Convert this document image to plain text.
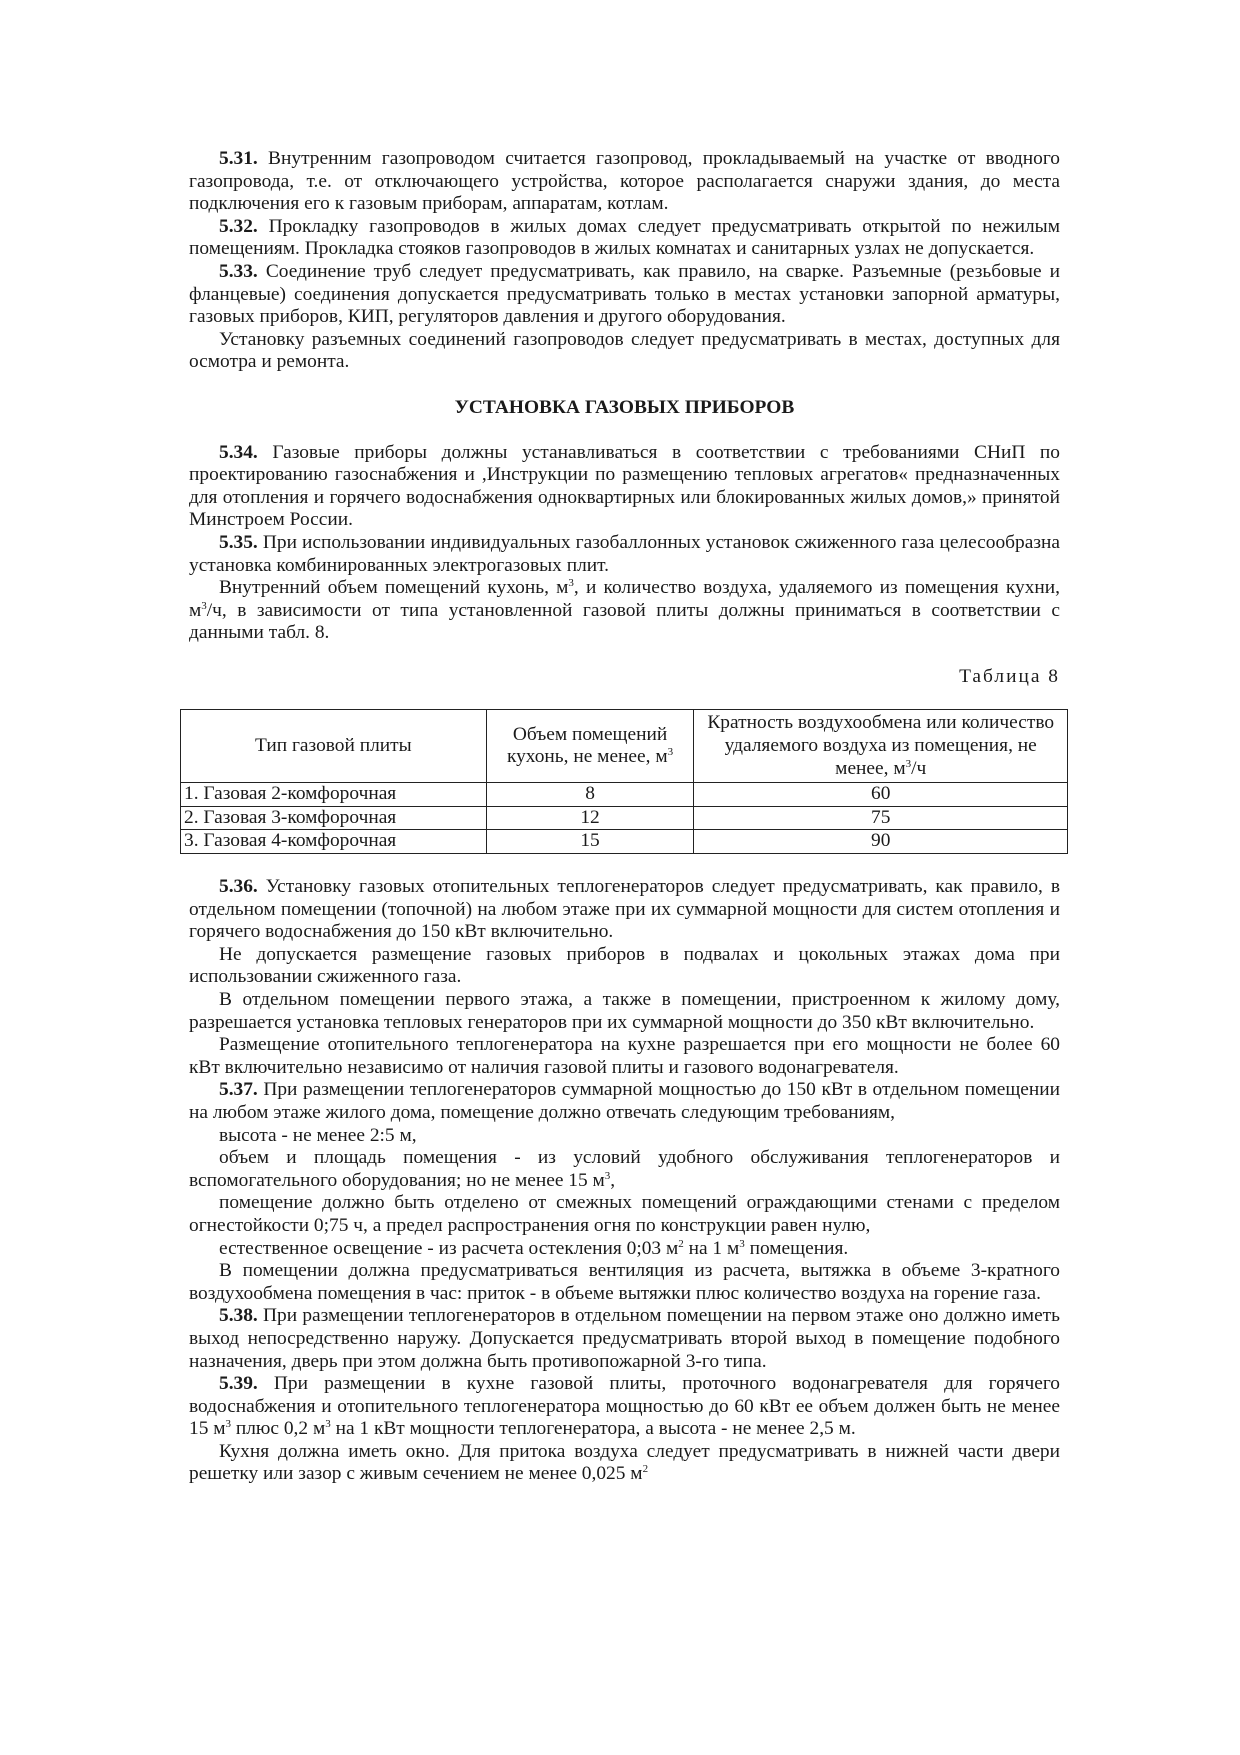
5.31. Внутренним газопроводом считается газопровод, прокладываемый на участке от вводного газопровода, т.е. от отключающего устройства, которое располагается снаружи здания, до места подключения его к газовым приборам, аппаратам, котлам.

5.32. Прокладку газопроводов в жилых домах следует предусматривать открытой по нежилым помещениям. Прокладка стояков газопроводов в жилых комнатах и санитарных узлах не допускается.

5.33. Соединение труб следует предусматривать, как правило, на сварке. Разъемные (резьбовые и фланцевые) соединения допускается предусматривать только в местах установки запорной арматуры, газовых приборов, КИП, регуляторов давления и другого оборудования.

Установку разъемных соединений газопроводов следует предусматривать в местах, доступных для осмотра и ремонта.

УСТАНОВКА ГАЗОВЫХ ПРИБОРОВ

5.34. Газовые приборы должны устанавливаться в соответствии с требованиями СНиП по проектированию газоснабжения и ,Инструкции по размещению тепловых агрегатов« предназначенных для отопления и горячего водоснабжения одноквартирных или блокированных жилых домов,» принятой Минстроем России.

5.35. При использовании индивидуальных газобаллонных установок сжиженного газа целесообразна установка комбинированных электрогазовых плит.

Внутренний объем помещений кухонь, $м^3$, и количество воздуха, удаляемого из помещения кухни, $м^3/ч$, в зависимости от типа установленной газовой плиты должны приниматься в соответствии с данными табл. 8.

Таблица 8
Тип газовой плиты	Объем помещений кухонь, не менее, $м^3$	Кратность воздухообмена или количество удаляемого воздуха из помещения, не менее, $м^3/ч$
1. Газовая 2-комфорочная	8	60
2. Газовая 3-комфорочная	12	75
3. Газовая 4-комфорочная	15	90

5.36. Установку газовых отопительных теплогенераторов следует предусматривать, как правило, в отдельном помещении (топочной) на любом этаже при их суммарной мощности для систем отопления и горячего водоснабжения до 150 кВт включительно.

Не допускается размещение газовых приборов в подвалах и цокольных этажах дома при использовании сжиженного газа.

В отдельном помещении первого этажа, а также в помещении, пристроенном к жилому дому, разрешается установка тепловых генераторов при их суммарной мощности до 350 кВт включительно.

Размещение отопительного теплогенератора на кухне разрешается при его мощности не более 60 кВт включительно независимо от наличия газовой плиты и газового водонагревателя.

5.37. При размещении теплогенераторов суммарной мощностью до 150 кВт в отдельном помещении на любом этаже жилого дома, помещение должно отвечать следующим требованиям,

высота - не менее 2:5 м,

объем и площадь помещения - из условий удобного обслуживания теплогенераторов и вспомогательного оборудования; но не менее 15 $м^3$,

помещение должно быть отделено от смежных помещений ограждающими стенами с пределом огнестойкости 0;75 ч, а предел распространения огня по конструкции равен нулю,

естественное освещение - из расчета остекления 0;03 $м^2$ на 1 $м^3$ помещения.

В помещении должна предусматриваться вентиляция из расчета, вытяжка в объеме 3-кратного воздухообмена помещения в час: приток - в объеме вытяжки плюс количество воздуха на горение газа.

5.38. При размещении теплогенераторов в отдельном помещении на первом этаже оно должно иметь выход непосредственно наружу. Допускается предусматривать второй выход в помещение подобного назначения, дверь при этом должна быть противопожарной 3-го типа.

5.39. При размещении в кухне газовой плиты, проточного водонагревателя для горячего водоснабжения и отопительного теплогенератора мощностью до 60 кВт ее объем должен быть не менее 15 $м^3$ плюс 0,2 $м^3$ на 1 кВт мощности теплогенератора, а высота - не менее 2,5 м.

Кухня должна иметь окно. Для притока воздуха следует предусматривать в нижней части двери решетку или зазор с живым сечением не менее 0,025 $м^2$
